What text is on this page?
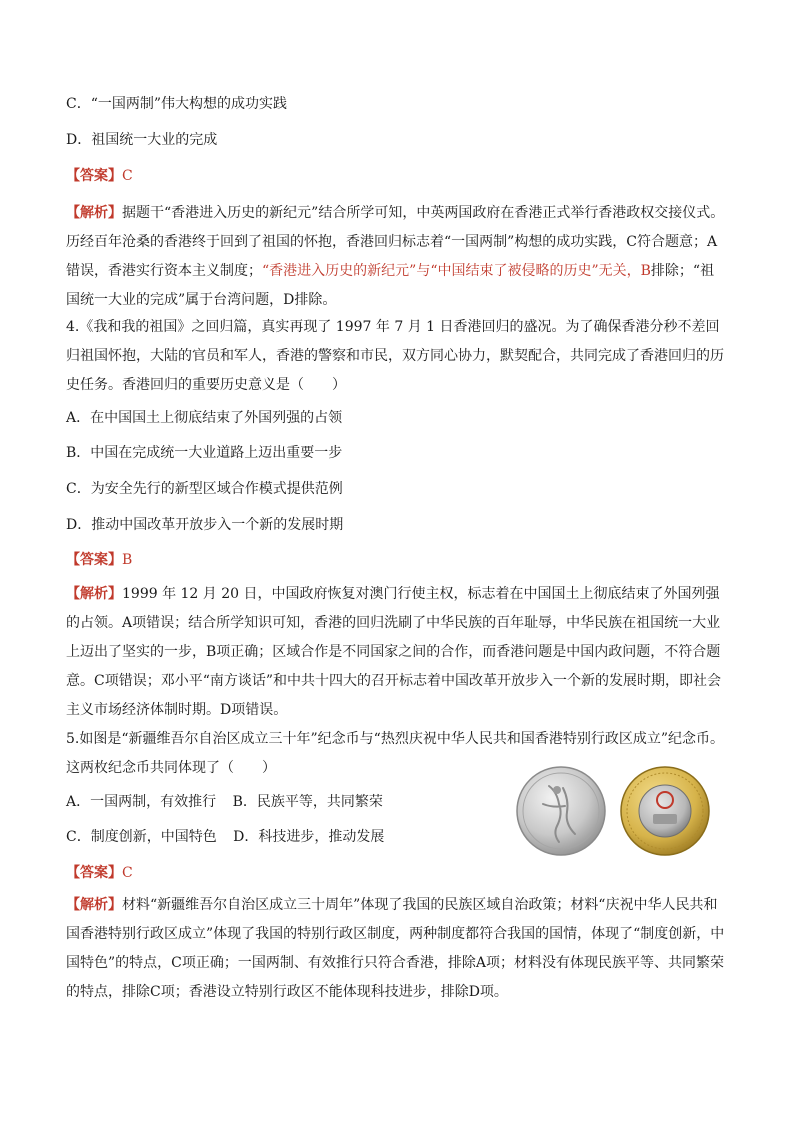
C．“一国两制”伟大构想的成功实践
D．祖国统一大业的完成
【答案】C
【解析】据题干“香港进入历史的新纪元”结合所学可知，中英两国政府在香港正式举行香港政权交接仪式。历经百年沧桑的香港终于回到了祖国的怀抱，香港回归标志着“一国两制”构想的成功实践，C符合题意；A错误，香港实行资本主义制度；“香港进入历史的新纪元”与“中国结束了被侵略的历史”无关，B排除；“祖国统一大业的完成”属于台湾问题，D排除。
4.《我和我的祖国》之回归篇，真实再现了 1997 年 7 月 1 日香港回归的盛况。为了确保香港分秒不差回归祖国怀抱，大陆的官员和军人，香港的警察和市民，双方同心协力，默契配合，共同完成了香港回归的历史任务。香港回归的重要历史意义是（　　）
A．在中国国土上彻底结束了外国列强的占领
B．中国在完成统一大业道路上迈出重要一步
C．为安全先行的新型区域合作模式提供范例
D．推动中国改革开放步入一个新的发展时期
【答案】B
【解析】1999 年 12 月 20 日，中国政府恢复对澳门行使主权，标志着在中国国土上彻底结束了外国列强的占领。A项错误；结合所学知识可知，香港的回归洗刷了中华民族的百年耻辱，中华民族在祖国统一大业上迈出了坚实的一步，B项正确；区域合作是不同国家之间的合作，而香港问题是中国内政问题，不符合题意。C项错误；邓小平“南方谈话”和中共十四大的召开标志着中国改革开放步入一个新的发展时期，即社会主义市场经济体制时期。D项错误。
5.如图是“新疆维吾尔自治区成立三十年”纪念币与“热烈庆祝中华人民共和国香港特别行政区成立”纪念币。这两枚纪念币共同体现了（　　）
A．一国两制，有效推行 B．民族平等，共同繁荣
C．制度创新，中国特色 D．科技进步，推动发展
【答案】C
【解析】材料“新疆维吾尔自治区成立三十周年”体现了我国的民族区域自治政策；材料“庆祝中华人民共和国香港特别行政区成立”体现了我国的特别行政区制度，两种制度都符合我国的国情，体现了“制度创新，中国特色”的特点，C项正确；一国两制、有效推行只符合香港，排除A项；材料没有体现民族平等、共同繁荣的特点，排除C项；香港设立特别行政区不能体现科技进步，排除D项。
